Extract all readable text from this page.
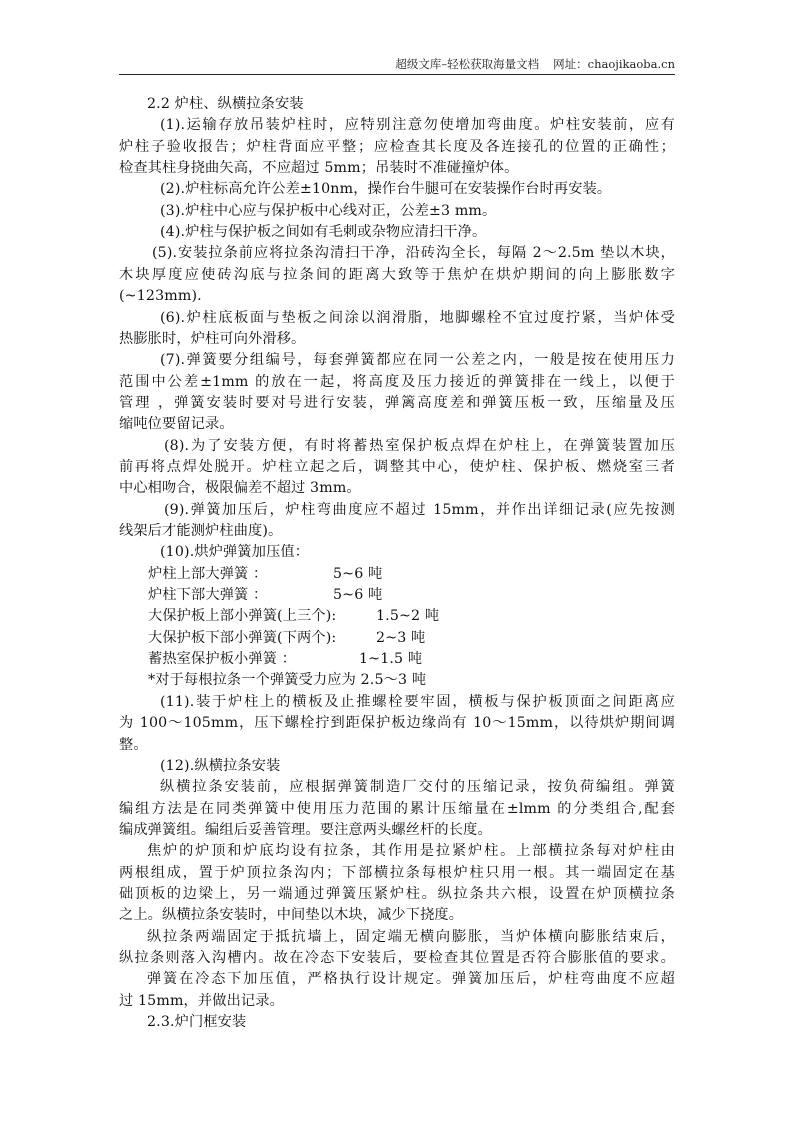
超级文库–轻松获取海量文档 网址：chaojikaoba.cn
2.2 炉柱、纵横拉条安装
(1).运输存放吊装炉柱时，应特别注意勿使增加弯曲度。炉柱安装前，应有
炉柱子验收报告；炉柱背面应平整；应检查其长度及各连接孔的位置的正确性；
检查其柱身挠曲矢高，不应超过 5mm；吊装时不准碰撞炉体。
(2).炉柱标高允许公差±10nm，操作台牛腿可在安装操作台时再安装。
(3).炉柱中心应与保护板中心线对正，公差±3 mm。
(4).炉柱与保护板之间如有毛刺或杂物应清扫干净。
(5).安装拉条前应将拉条沟清扫干净，沿砖沟全长，每隔 2～2.5m 垫以木块，
木块厚度应使砖沟底与拉条间的距离大致等于焦炉在烘炉期间的向上膨胀数字
(~123mm).
(6).炉柱底板面与垫板之间涂以润滑脂，地脚螺栓不宜过度拧紧，当炉体受
热膨胀时，炉柱可向外滑移。
(7).弹簧要分组编号，每套弹簧都应在同一公差之内，一般是按在使用压力
范围中公差±1mm 的放在一起，将高度及压力接近的弹簧排在一线上，以便于
管理 ，弹簧安装时要对号进行安装，弹篱高度差和弹簧压板一致，压缩量及压
缩吨位要留记录。
(8).为了安装方便，有时将蓄热室保护板点焊在炉柱上，在弹簧装置加压
前再将点焊处脱开。炉柱立起之后，调整其中心，使炉柱、保护板、燃烧室三者
中心相吻合，极限偏差不超过 3mm。
(9).弹簧加压后，炉柱弯曲度应不超过 15mm，并作出详细记录(应先按测
线架后才能测炉柱曲度)。
(10).烘炉弹簧加压值：
炉柱上部大弹簧 ：	5~6 吨
炉柱下部大弹簧 ：	5~6 吨
大保护板上部小弹簧(上三个):	1.5~2 吨
大保护板下部小弹簧(下两个):	2~3 吨
蓄热室保护板小弹簧 ：	1~1.5 吨
*对于每根拉条一个弹簧受力应为 2.5～3 吨
(11).装于炉柱上的横板及止推螺栓要牢固，横板与保护板顶面之间距离应
为 100～105mm，压下螺栓拧到距保护板边缘尚有 10～15mm，以待烘炉期间调
整。
(12).纵横拉条安装
纵横拉条安装前，应根据弹簧制造厂交付的压缩记录，按负荷编组。弹簧
编组方法是在同类弹簧中使用压力范围的累计压缩量在±lmm 的分类组合,配套
编成弹簧组。编组后妥善管理。要注意两头螺丝杆的长度。
焦炉的炉顶和炉底均设有拉条，其作用是拉紧炉柱。上部横拉条每对炉柱由
两根组成，置于炉顶拉条沟内；下部横拉条每根炉柱只用一根。其一端固定在基
础顶板的边梁上，另一端通过弹簧压紧炉柱。纵拉条共六根，设置在炉顶横拉条
之上。纵横拉条安装时，中间垫以木块，减少下挠度。
纵拉条两端固定于抵抗墙上，固定端无横向膨胀，当炉体横向膨胀结束后，
纵拉条则落入沟槽内。故在冷态下安装后，要检查其位置是否符合膨胀值的要求。
弹簧在冷态下加压值，严格执行设计规定。弹簧加压后，炉柱弯曲度不应超
过 15mm，并做出记录。
2.3.炉门框安装
